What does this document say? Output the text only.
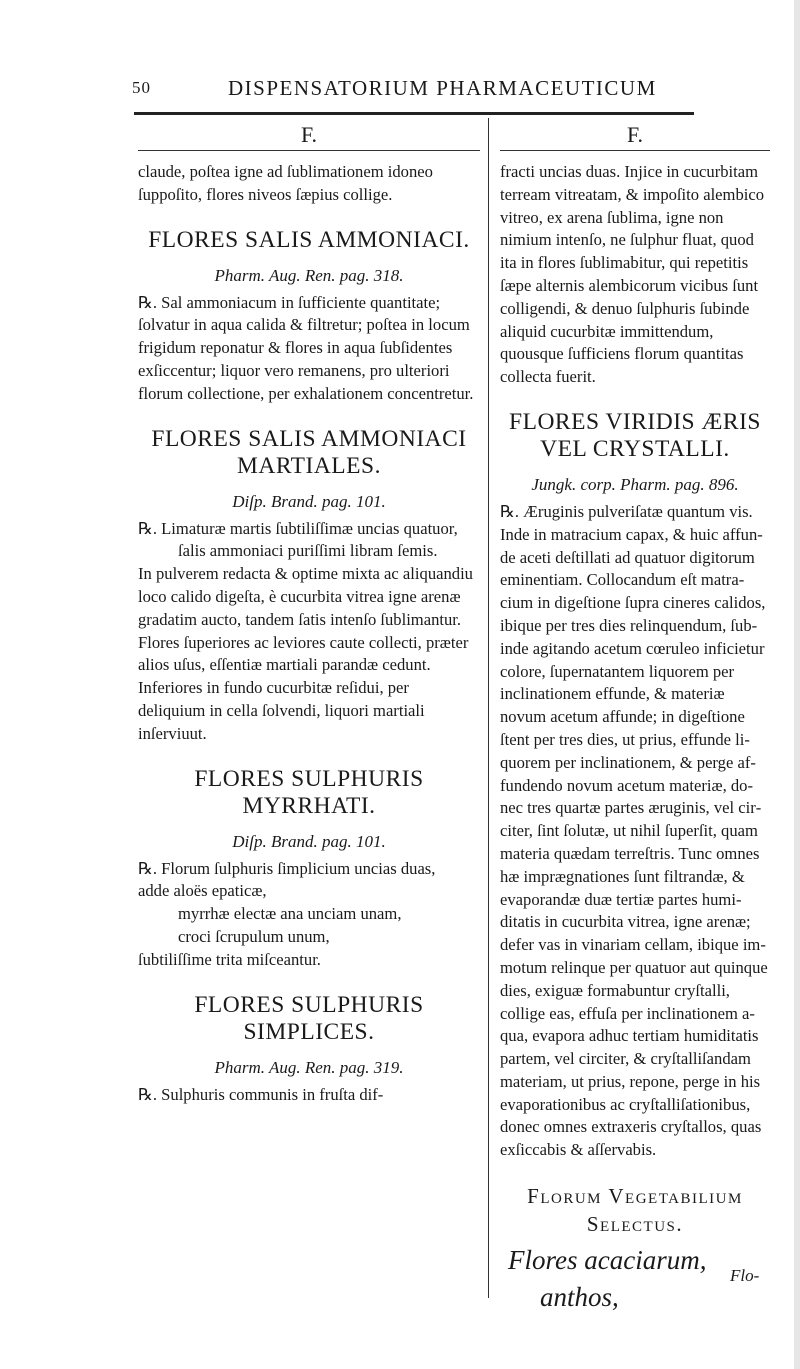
50	DISPENSATORIUM PHARMACEUTICUM
F.

claude, poſtea igne ad ſublimationem idoneo ſuppoſito, flores niveos ſæpius collige.

FLORES SALIS AMMONIACI.
Pharm. Aug. Ren. pag. 318.

℞. Sal ammoniacum in ſufficiente quantitate; ſolvatur in aqua calida & filtretur; poſtea in locum frigidum reponatur & flores in aqua ſubſidentes exſiccentur; liquor vero remanens, pro ulteriori florum collectione, per exhalationem concentretur.

FLORES SALIS AMMONIACI MARTIALES.
Diſp. Brand. pag. 101.

℞. Limaturæ martis ſubtiliſſimæ uncias quatuor,

ſalis ammoniaci puriſſimi libram ſemis.

In pulverem redacta & optime mixta ac aliquandiu loco calido digeſta, è cucurbita vitrea igne arenæ gradatim aucto, tandem ſatis intenſo ſublimantur. Flores ſuperiores ac leviores caute collecti, præter alios uſus, eſſentiæ martiali parandæ cedunt. Inferiores in fundo cucurbitæ reſidui, per deliquium in cella ſolvendi, liquori martiali inſerviuut.

FLORES SULPHURIS MYRRHATI.
Diſp. Brand. pag. 101.

℞. Florum ſulphuris ſimplicium uncias duas,

adde aloës epaticæ,

myrrhæ electæ ana unciam unam,

croci ſcrupulum unum,

ſubtiliſſime trita miſceantur.

FLORES SULPHURIS SIMPLICES.
Pharm. Aug. Ren. pag. 319.

℞. Sulphuris communis in fruſta dif-

F.

fracti uncias duas. Injice in cucurbitam terream vitreatam, & impoſito alembico vitreo, ex arena ſublima, igne non nimium intenſo, ne ſulphur fluat, quod ita in flores ſublimabitur, qui repetitis ſæpe alternis alembicorum vicibus ſunt colligendi, & denuo ſulphuris ſubinde aliquid cucurbitæ immittendum, quousque ſufficiens florum quantitas collecta fuerit.

FLORES VIRIDIS ÆRIS VEL CRYSTALLI.
Jungk. corp. Pharm. pag. 896.

℞. Æruginis pulveriſatæ quantum vis. Inde in matracium capax, & huic affunde aceti deſtillati ad quatuor digitorum eminentiam. Collocandum eſt matracium in digeſtione ſupra cineres calidos, ibique per tres dies relinquendum, ſubinde agitando acetum cœruleo inficietur colore, ſupernatantem liquorem per inclinationem effunde, & materiæ novum acetum affunde; in digeſtione ſtent per tres dies, ut prius, effunde liquorem per inclinationem, & perge affundendo novum acetum materiæ, donec tres quartæ partes æruginis, vel circiter, ſint ſolutæ, ut nihil ſuperſit, quam materia quædam terreſtris. Tunc omnes hæ imprægnationes ſunt filtrandæ, & evaporandæ duæ tertiæ partes humiditatis in cucurbita vitrea, igne arenæ; defer vas in vinariam cellam, ibique immotum relinque per quatuor aut quinque dies, exiguæ formabuntur cryſtalli, collige eas, effuſa per inclinationem aqua, evapora adhuc tertiam humiditatis partem, vel circiter, & cryſtalliſandam materiam, ut prius, repone, perge in his evaporationibus ac cryſtalliſationibus, donec omnes extraxeris cryſtallos, quas exſiccabis & aſſervabis.

Florum Vegetabilium
Selectus.
Flores acaciarum,
anthos,
Flo-
